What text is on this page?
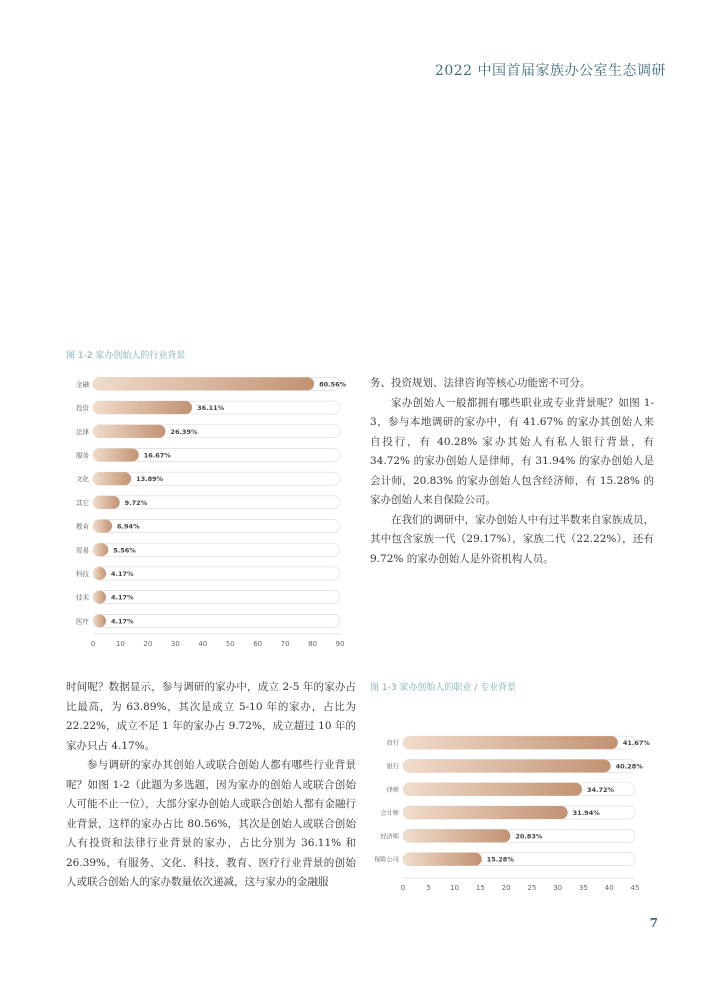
2022 中国首届家族办公室生态调研
图 1-2 家办创始人的行业背景
金融	80.56%
投资	36.11%
法律	26.39%
服务	16.67%
文化	13.89%
其它	9.72%
教育	6.94%
贸易	5.56%
科技	4.17%
技术	4.17%
医疗	4.17%
0	10	20	30	40	50	60	70	80	90

务、投资规划、法律咨询等核心功能密不可分。

家办创始人一般都拥有哪些职业或专业背景呢？如图 1-3，参与本地调研的家办中，有 41.67% 的家办其创始人来自投行，有 40.28% 家办其始人有私人银行背景，有 34.72% 的家办创始人是律师，有 31.94% 的家办创始人是会计师，20.83% 的家办创始人包含经济师，有 15.28% 的家办创始人来自保险公司。

在我们的调研中，家办创始人中有过半数来自家族成员，其中包含家族一代（29.17%），家族二代（22.22%），还有 9.72% 的家办创始人是外资机构人员。

时间呢？数据显示，参与调研的家办中，成立 2-5 年的家办占比最高，为 63.89%，其次是成立 5-10 年的家办，占比为 22.22%，成立不足 1 年的家办占 9.72%，成立超过 10 年的家办只占 4.17%。

参与调研的家办其创始人或联合创始人都有哪些行业背景呢？如图 1-2（此题为多选题，因为家办的创始人或联合创始人可能不止一位），大部分家办创始人或联合创始人都有金融行业背景，这样的家办占比 80.56%，其次是创始人或联合创始人有投资和法律行业背景的家办，占比分别为 36.11% 和 26.39%，有服务、文化、科技、教育、医疗行业背景的创始人或联合创始人的家办数量依次递减，这与家办的金融服

图 1-3 家办创始人的职业 / 专业背景
投行	41.67%
银行	40.28%
律师	34.72%
会计师	31.94%
经济师	20.83%
保险公司	15.28%
0	5	10 15 20 25 30 35 40 45
7
